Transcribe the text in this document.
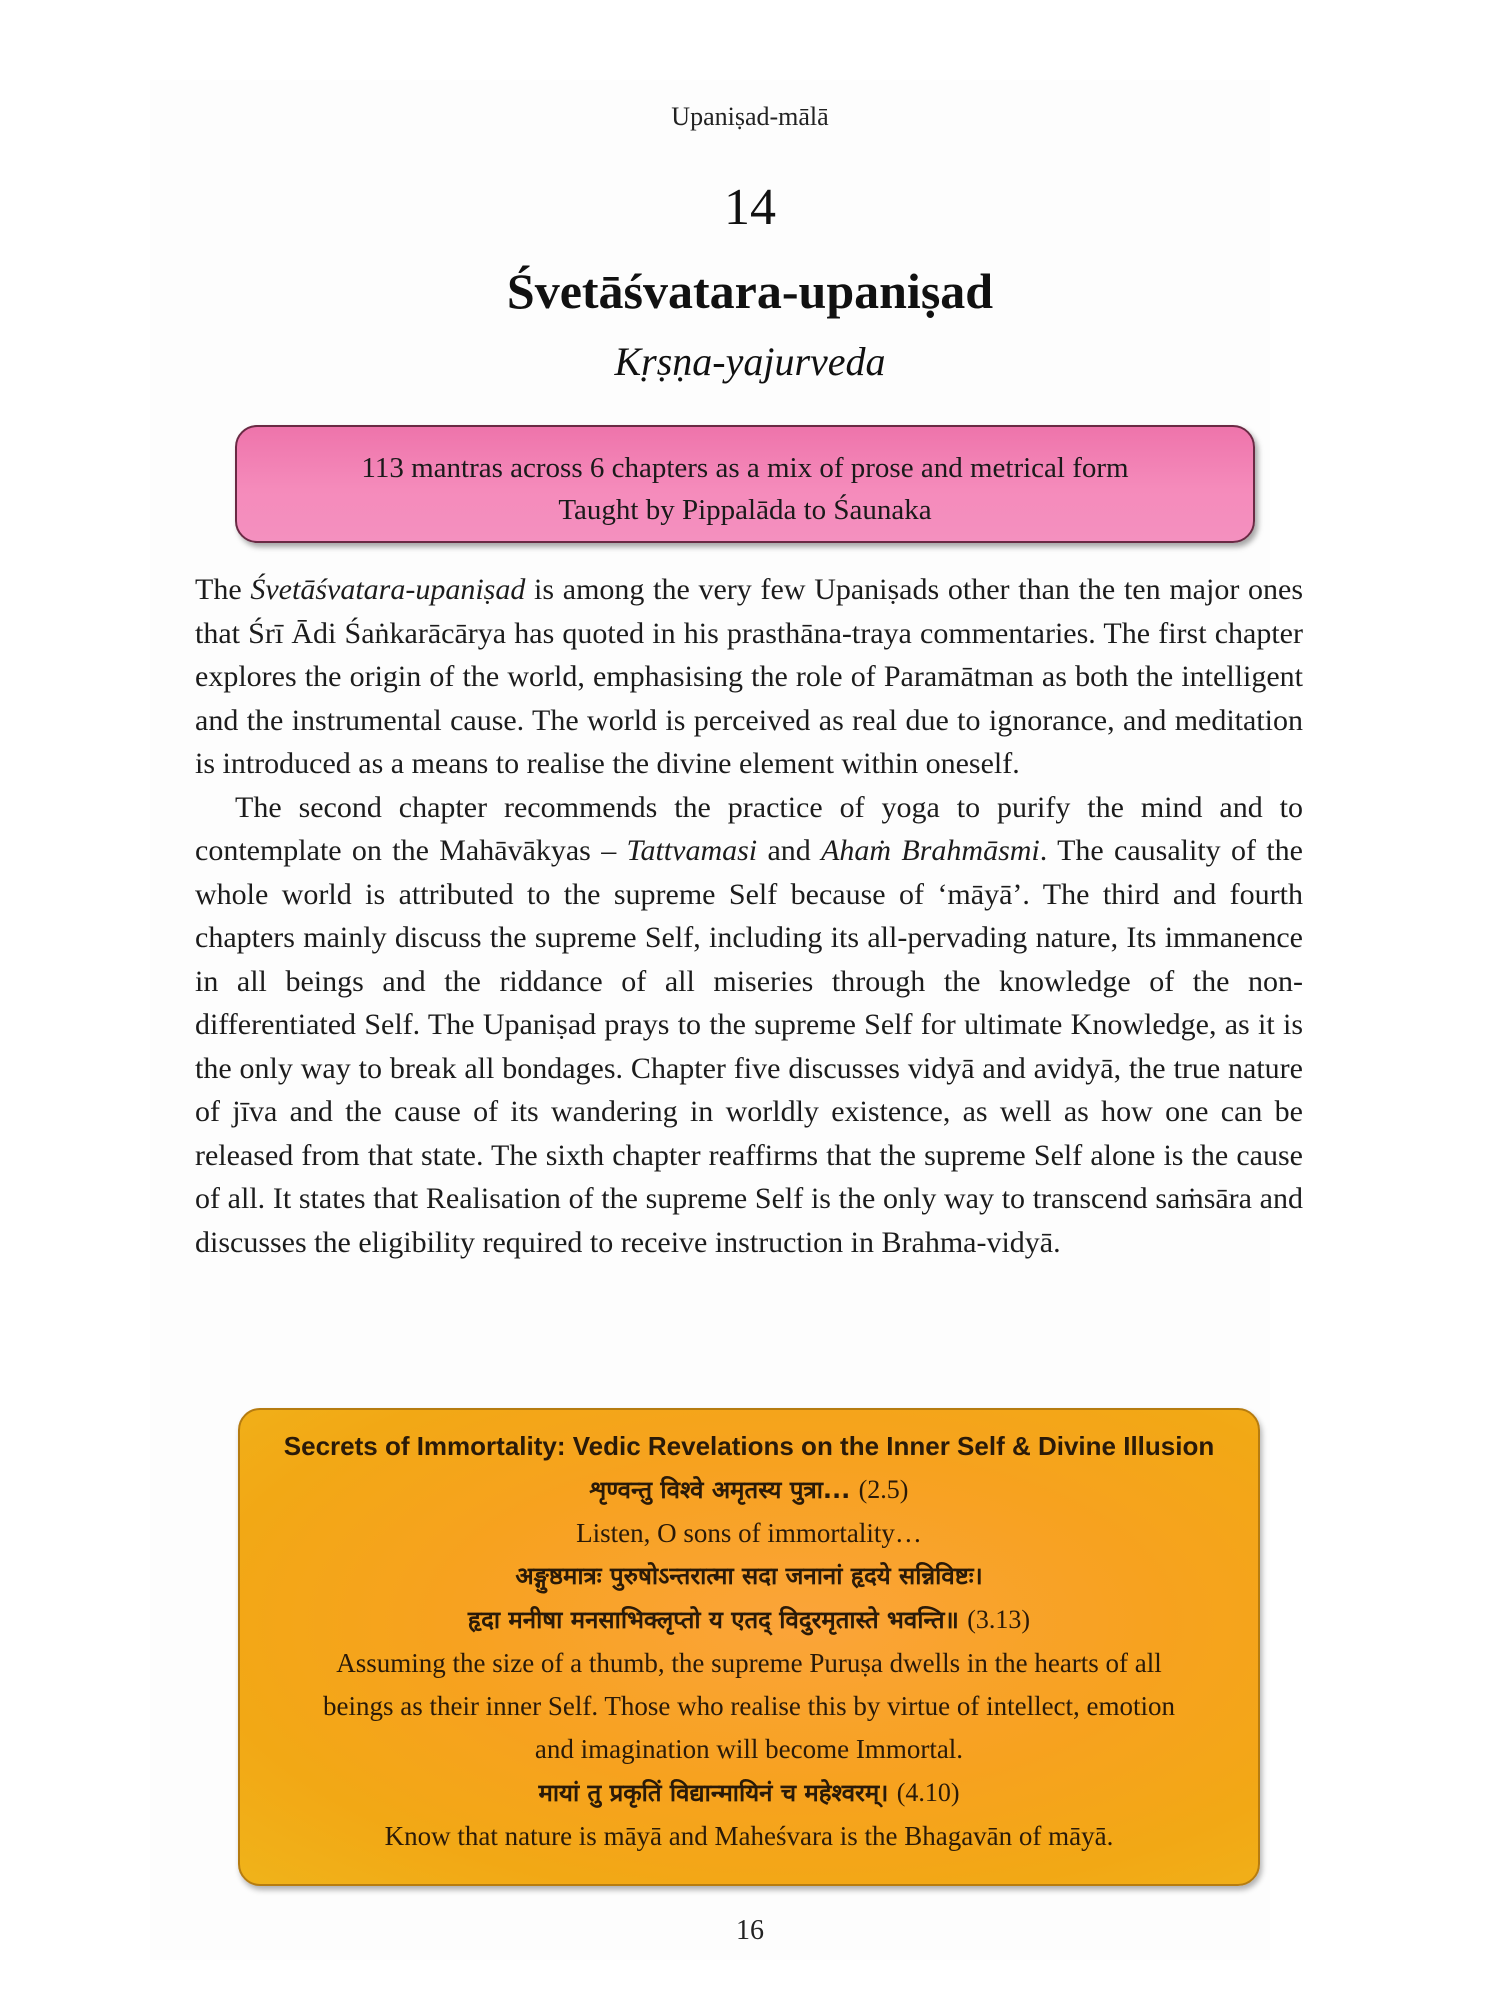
Upaniṣad-mālā
14
Śvetāśvatara-upaniṣad
Kṛṣṇa-yajurveda
113 mantras across 6 chapters as a mix of prose and metrical form
Taught by Pippalāda to Śaunaka

The Śvetāśvatara-upaniṣad is among the very few Upaniṣads other than the ten major ones that Śrī Ādi Śaṅkarācārya has quoted in his prasthāna-traya commentaries. The first chapter explores the origin of the world, emphasising the role of Paramātman as both the intelligent and the instrumental cause. The world is perceived as real due to ignorance, and meditation is introduced as a means to realise the divine element within oneself.

The second chapter recommends the practice of yoga to purify the mind and to contemplate on the Mahāvākyas – Tattvamasi and Ahaṁ Brahmāsmi. The causality of the whole world is attributed to the supreme Self because of ‘māyā’. The third and fourth chapters mainly discuss the supreme Self, including its all-pervading nature, Its immanence in all beings and the riddance of all miseries through the knowledge of the non-differentiated Self. The Upaniṣad prays to the supreme Self for ultimate Knowledge, as it is the only way to break all bondages. Chapter five discusses vidyā and avidyā, the true nature of jīva and the cause of its wandering in worldly existence, as well as how one can be released from that state. The sixth chapter reaffirms that the supreme Self alone is the cause of all. It states that Realisation of the supreme Self is the only way to transcend saṁsāra and discusses the eligibility required to receive instruction in Brahma-vidyā.

Secrets of Immortality: Vedic Revelations on the Inner Self & Divine Illusion
शृण्वन्तु विश्वे अमृतस्य पुत्रा... (2.5)
Listen, O sons of immortality…
अङ्गुष्ठमात्रः पुरुषोऽन्तरात्मा सदा जनानां हृदये सन्निविष्टः।
हृदा मनीषा मनसाभिक्लृप्तो य एतद् विदुरमृतास्ते भवन्ति॥ (3.13)
Assuming the size of a thumb, the supreme Puruṣa dwells in the hearts of all
beings as their inner Self. Those who realise this by virtue of intellect, emotion
and imagination will become Immortal.
मायां तु प्रकृतिं विद्यान्मायिनं च महेश्वरम्। (4.10)
Know that nature is māyā and Maheśvara is the Bhagavān of māyā.
16
